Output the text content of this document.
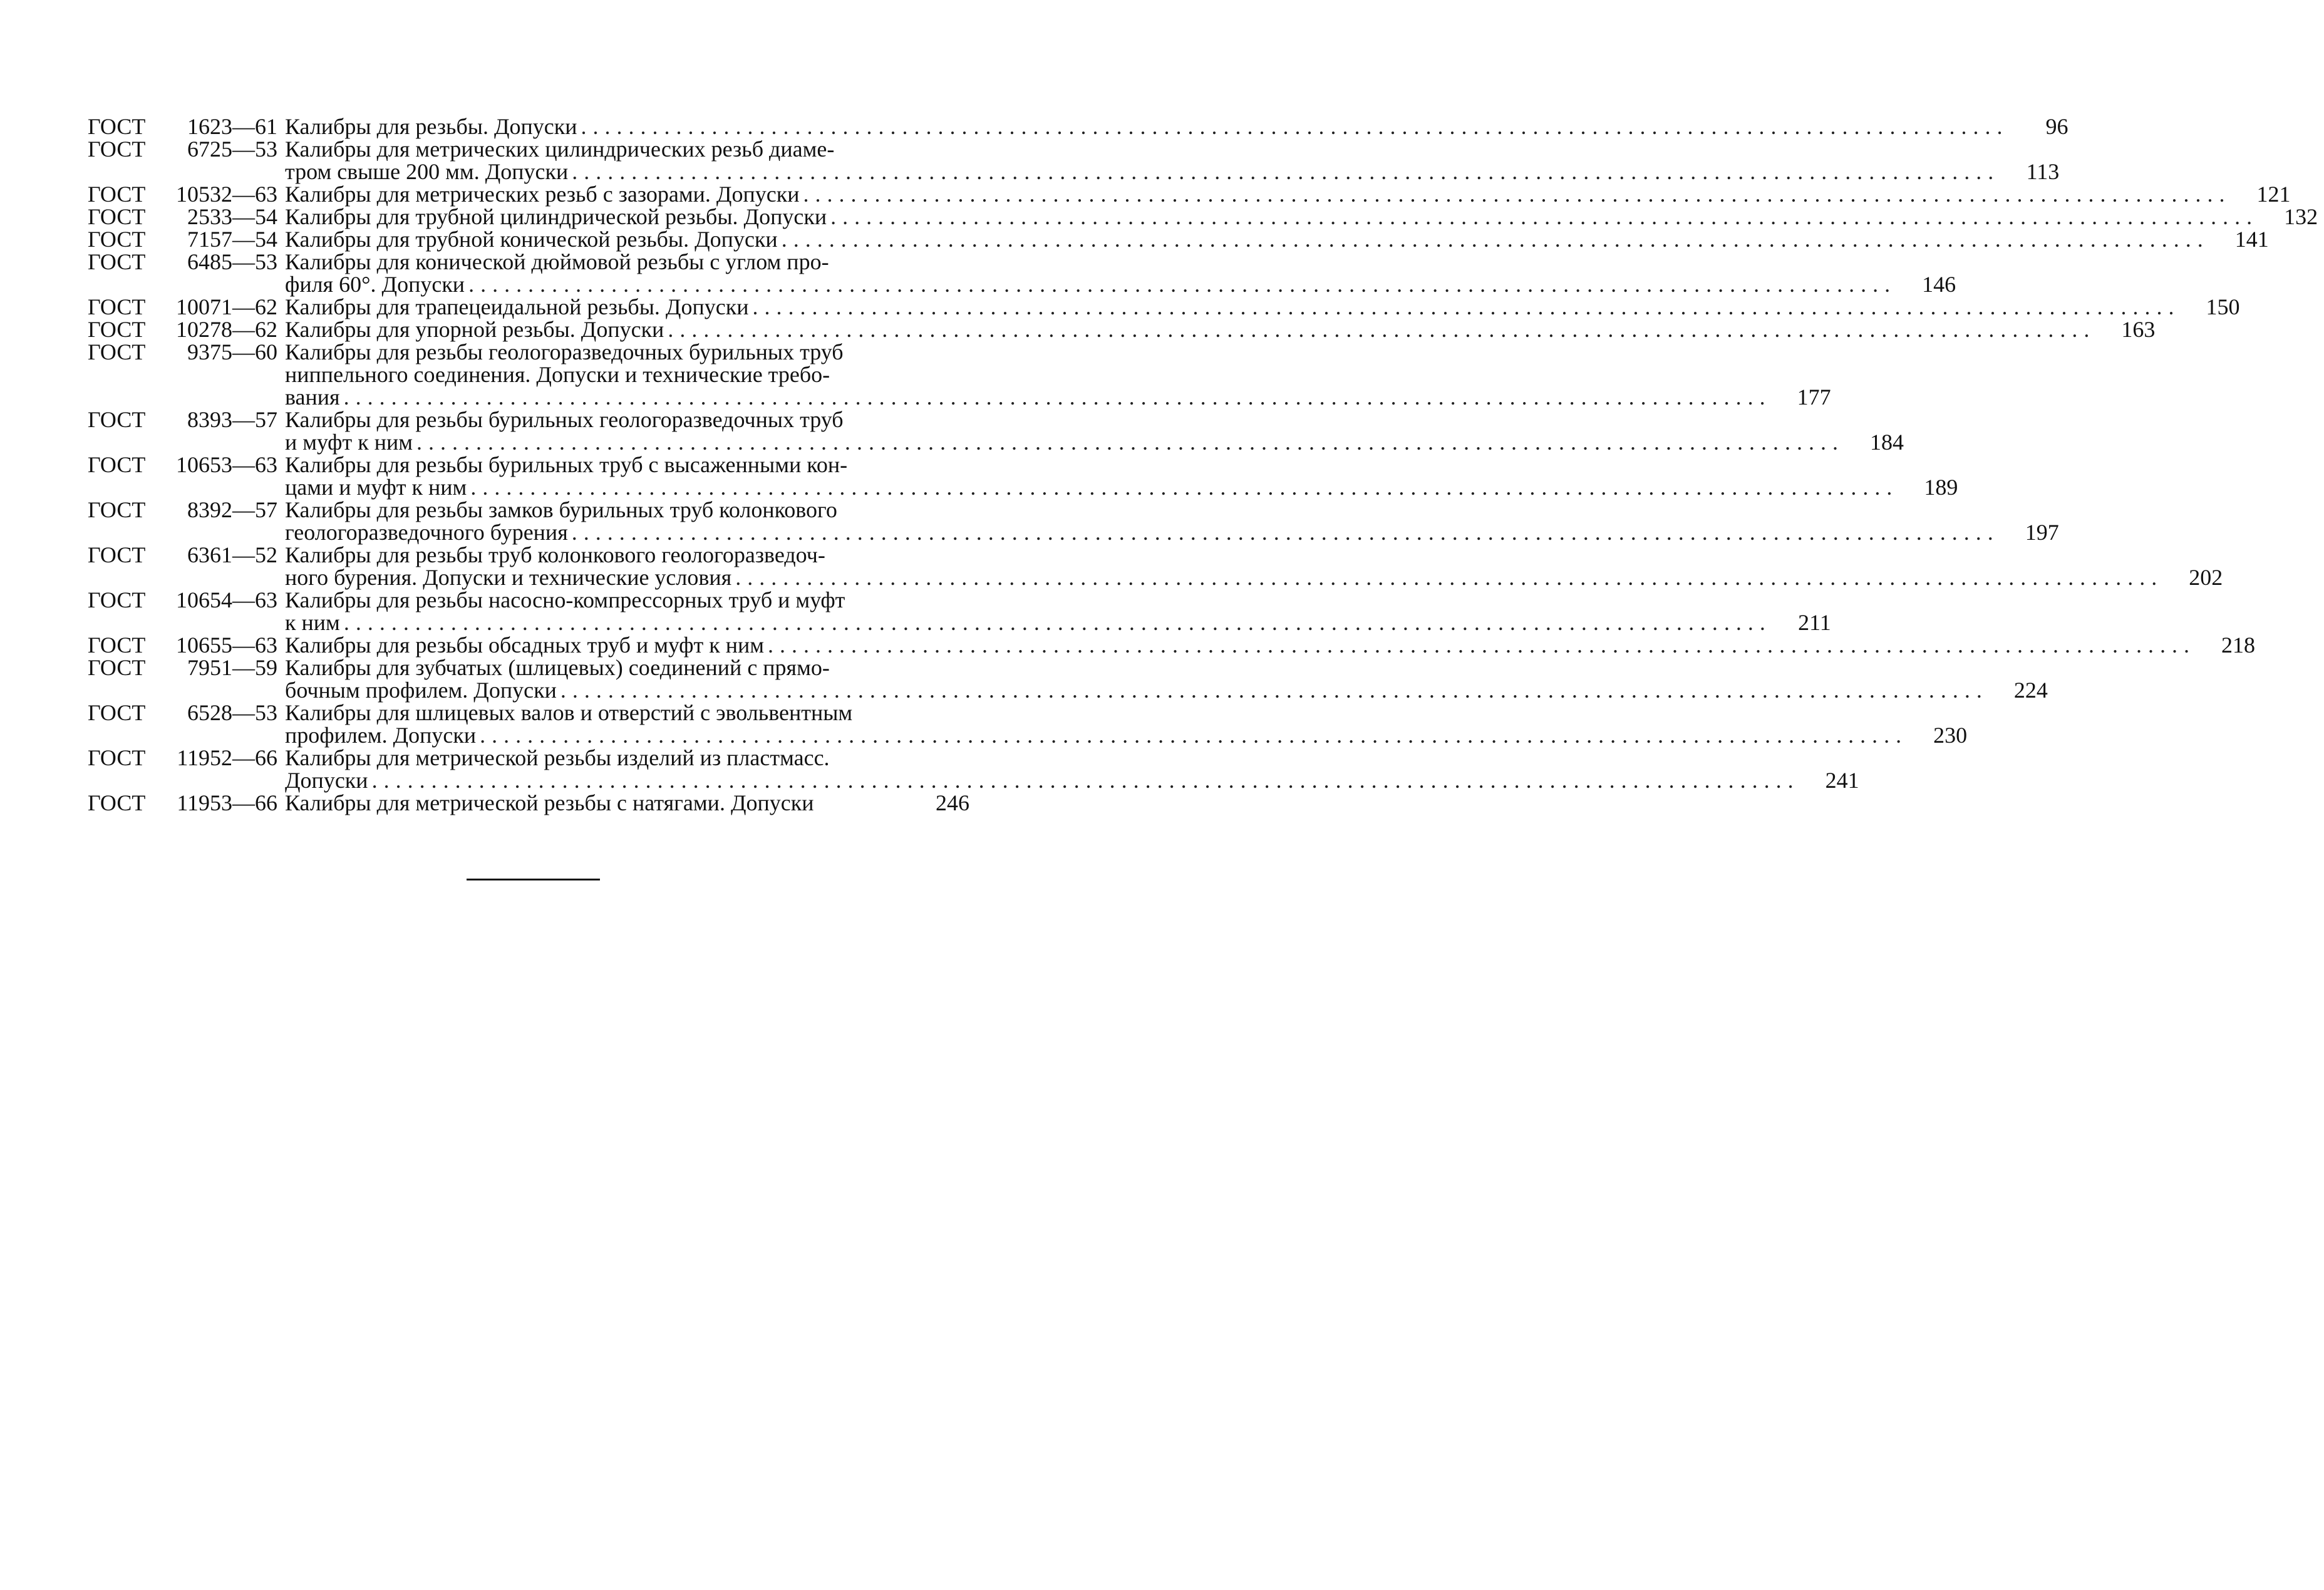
ГОСТ	1623—61 Калибры для резьбы. Допуски ........................................................................................................................	96
ГОСТ	6725—53 Калибры для метрических цилиндрических резьб диаме-
тром свыше 200 мм. Допуски ........................................................................................................................	113
ГОСТ	10532—63 Калибры для метрических резьб с зазорами. Допуски ........................................................................................................................	121
ГОСТ	2533—54 Калибры для трубной цилиндрической резьбы. Допуски ........................................................................................................................	132
ГОСТ	7157—54 Калибры для трубной конической резьбы. Допуски ........................................................................................................................	141
ГОСТ	6485—53 Калибры для конической дюймовой резьбы с углом про-
филя 60°. Допуски ........................................................................................................................	146
ГОСТ	10071—62 Калибры для трапецеидальной резьбы. Допуски ........................................................................................................................	150
ГОСТ	10278—62 Калибры для упорной резьбы. Допуски ........................................................................................................................	163
ГОСТ	9375—60 Калибры для резьбы геологоразведочных бурильных труб
ниппельного соединения. Допуски и технические требо-
вания ........................................................................................................................	177
ГОСТ	8393—57 Калибры для резьбы бурильных геологоразведочных труб
и муфт к ним ........................................................................................................................	184
ГОСТ	10653—63 Калибры для резьбы бурильных труб с высаженными кон-
цами и муфт к ним ........................................................................................................................	189
ГОСТ	8392—57 Калибры для резьбы замков бурильных труб колонкового
геологоразведочного бурения ........................................................................................................................	197
ГОСТ	6361—52 Калибры для резьбы труб колонкового геологоразведоч-
ного бурения. Допуски и технические условия ........................................................................................................................	202
ГОСТ	10654—63 Калибры для резьбы насосно-компрессорных труб и муфт
к ним ........................................................................................................................	211
ГОСТ	10655—63 Калибры для резьбы обсадных труб и муфт к ним ........................................................................................................................	218
ГОСТ	7951—59 Калибры для зубчатых (шлицевых) соединений с прямо-
бочным профилем. Допуски ........................................................................................................................	224
ГОСТ	6528—53 Калибры для шлицевых валов и отверстий с эвольвентным
профилем. Допуски ........................................................................................................................	230
ГОСТ	11952—66 Калибры для метрической резьбы изделий из пластмасс.
Допуски ........................................................................................................................	241
ГОСТ	11953—66 Калибры для метрической резьбы с натягами. Допуски	246
